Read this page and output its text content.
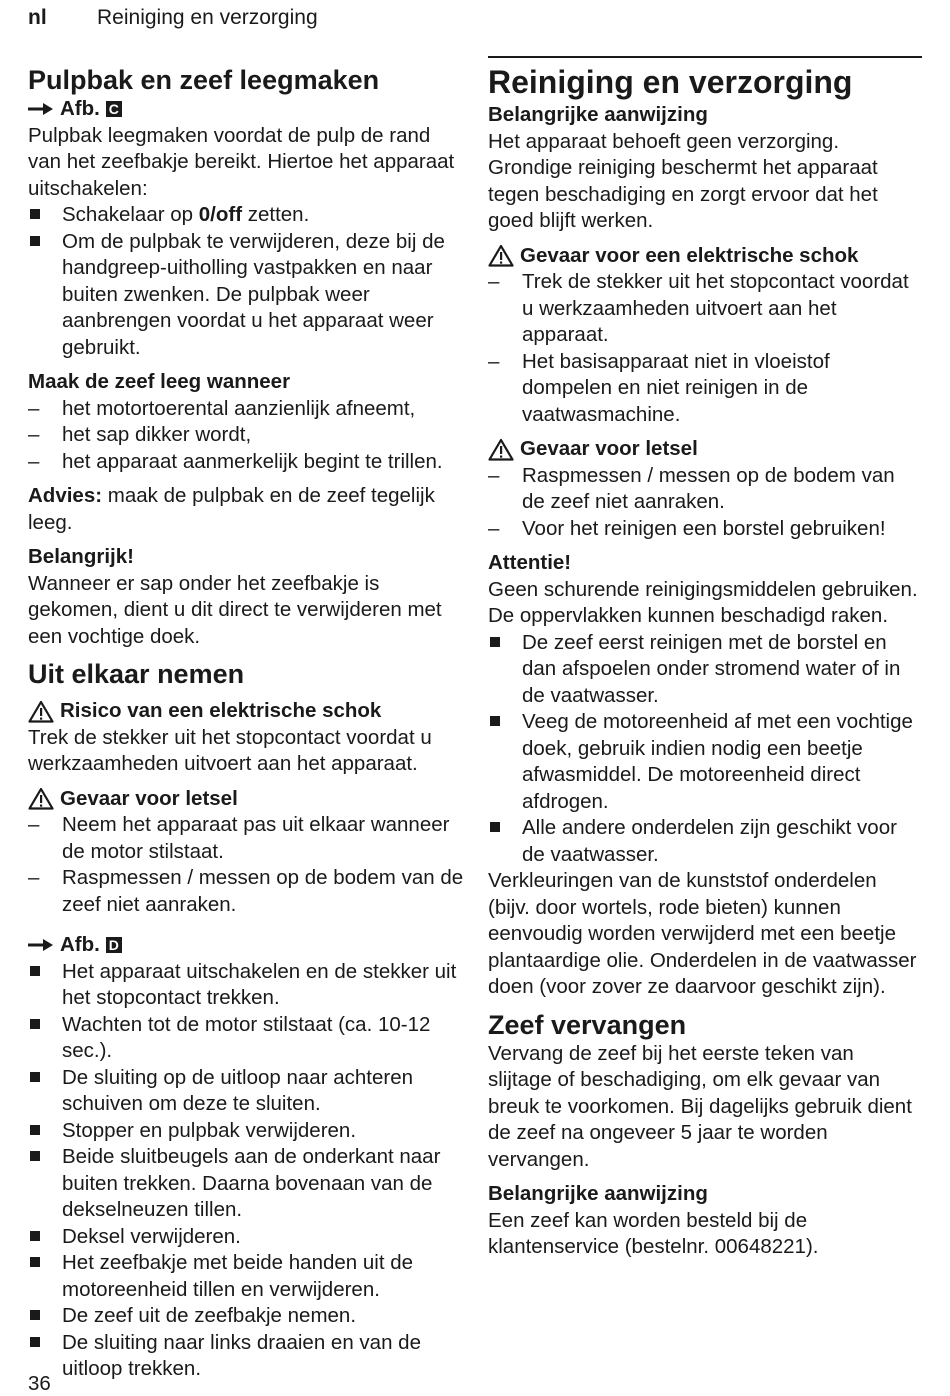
nl Reiniging en verzorging
Pulpbak en zeef leegmaken
Afb. C

Pulpbak leegmaken voordat de pulp de rand van het zeefbakje bereikt. Hiertoe het apparaat uitschakelen:

Schakelaar op 0/off zetten.
Om de pulpbak te verwijderen, deze bij de handgreep-uitholling vastpakken en naar buiten zwenken. De pulpbak weer aanbrengen voordat u het apparaat weer gebruikt.
Maak de zeef leeg wanneer
–	het motortoerental aanzienlijk afneemt,
–	het sap dikker wordt,
–	het apparaat aanmerkelijk begint te trillen.

Advies: maak de pulpbak en de zeef tegelijk leeg.

Belangrijk!

Wanneer er sap onder het zeefbakje is gekomen, dient u dit direct te verwijderen met een vochtige doek.

Uit elkaar nemen
Risico van een elektrische schok

Trek de stekker uit het stopcontact voordat u werkzaamheden uitvoert aan het apparaat.

Gevaar voor letsel
–	Neem het apparaat pas uit elkaar wanneer de motor stilstaat.
–	Raspmessen / messen op de bodem van de zeef niet aanraken.
Afb. D
Het apparaat uitschakelen en de stekker uit het stopcontact trekken.
Wachten tot de motor stilstaat (ca. 10-12 sec.).
De sluiting op de uitloop naar achteren schuiven om deze te sluiten.
Stopper en pulpbak verwijderen.
Beide sluitbeugels aan de onderkant naar buiten trekken. Daarna bovenaan van de dekselneuzen tillen.
Deksel verwijderen.
Het zeefbakje met beide handen uit de motoreenheid tillen en verwijderen.
De zeef uit de zeefbakje nemen.
De sluiting naar links draaien en van de uitloop trekken.
Reiniging en verzorging
Belangrijke aanwijzing

Het apparaat behoeft geen verzorging. Grondige reiniging beschermt het apparaat tegen beschadiging en zorgt ervoor dat het goed blijft werken.

Gevaar voor een elektrische schok
–	Trek de stekker uit het stopcontact voordat u werkzaamheden uitvoert aan het apparaat.
–	Het basisapparaat niet in vloeistof dompelen en niet reinigen in de vaatwasmachine.
Gevaar voor letsel
–	Raspmessen / messen op de bodem van de zeef niet aanraken.
–	Voor het reinigen een borstel gebruiken!
Attentie!

Geen schurende reinigingsmiddelen gebruiken. De oppervlakken kunnen beschadigd raken.

De zeef eerst reinigen met de borstel en dan afspoelen onder stromend water of in de vaatwasser.
Veeg de motoreenheid af met een vochtige doek, gebruik indien nodig een beetje afwasmiddel. De motoreenheid direct afdrogen.
Alle andere onderdelen zijn geschikt voor de vaatwasser.

Verkleuringen van de kunststof onderdelen (bijv. door wortels, rode bieten) kunnen eenvoudig worden verwijderd met een beetje plantaardige olie. Onderdelen in de vaatwasser doen (voor zover ze daarvoor geschikt zijn).

Zeef vervangen

Vervang de zeef bij het eerste teken van slijtage of beschadiging, om elk gevaar van breuk te voorkomen. Bij dagelijks gebruik dient de zeef na ongeveer 5 jaar te worden vervangen.

Belangrijke aanwijzing

Een zeef kan worden besteld bij de klantenservice (bestelnr. 00648221).

36
